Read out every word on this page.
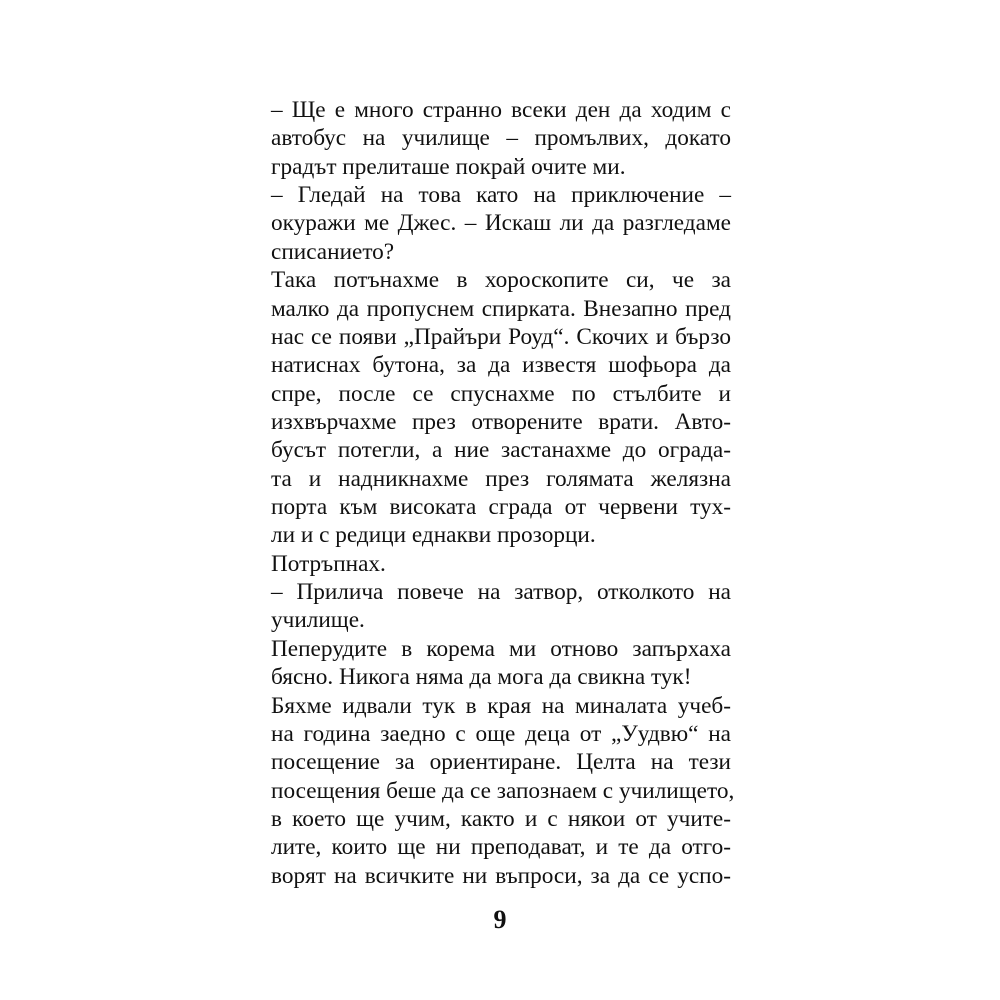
– Ще е много странно всеки ден да ходим с
автобус на училище – промълвих, докато
градът прелиташе покрай очите ми.
– Гледай на това като на приключение –
окуражи ме Джес. – Искаш ли да разгледаме
списанието?
Така потънахме в хороскопите си, че за
малко да пропуснем спирката. Внезапно пред
нас се появи „Прайъри Роуд“. Скочих и бързо
натиснах бутона, за да известя шофьора да
спре, после се спуснахме по стълбите и
изхвърчахме през отворените врати. Авто-
бусът потегли, а ние застанахме до оградa-
та и надникнахме през голямата желязна
порта към високата сграда от червени тух-
ли и с редици еднакви прозорци.
Потръпнах.
– Прилича повече на затвор, отколкото на
училище.
Пеперудите в корема ми отново запърхаха
бясно. Никога няма да мога да свикна тук!
Бяхме идвали тук в края на миналата учеб-
на година заедно с още деца от „Уудвю“ на
посещение за ориентиране. Целта на тези
посещения беше да се запознаем с училището,
в което ще учим, както и с някои от учите-
лите, които ще ни преподават, и те да отго-
ворят на всичките ни въпроси, за да се успо-
9
